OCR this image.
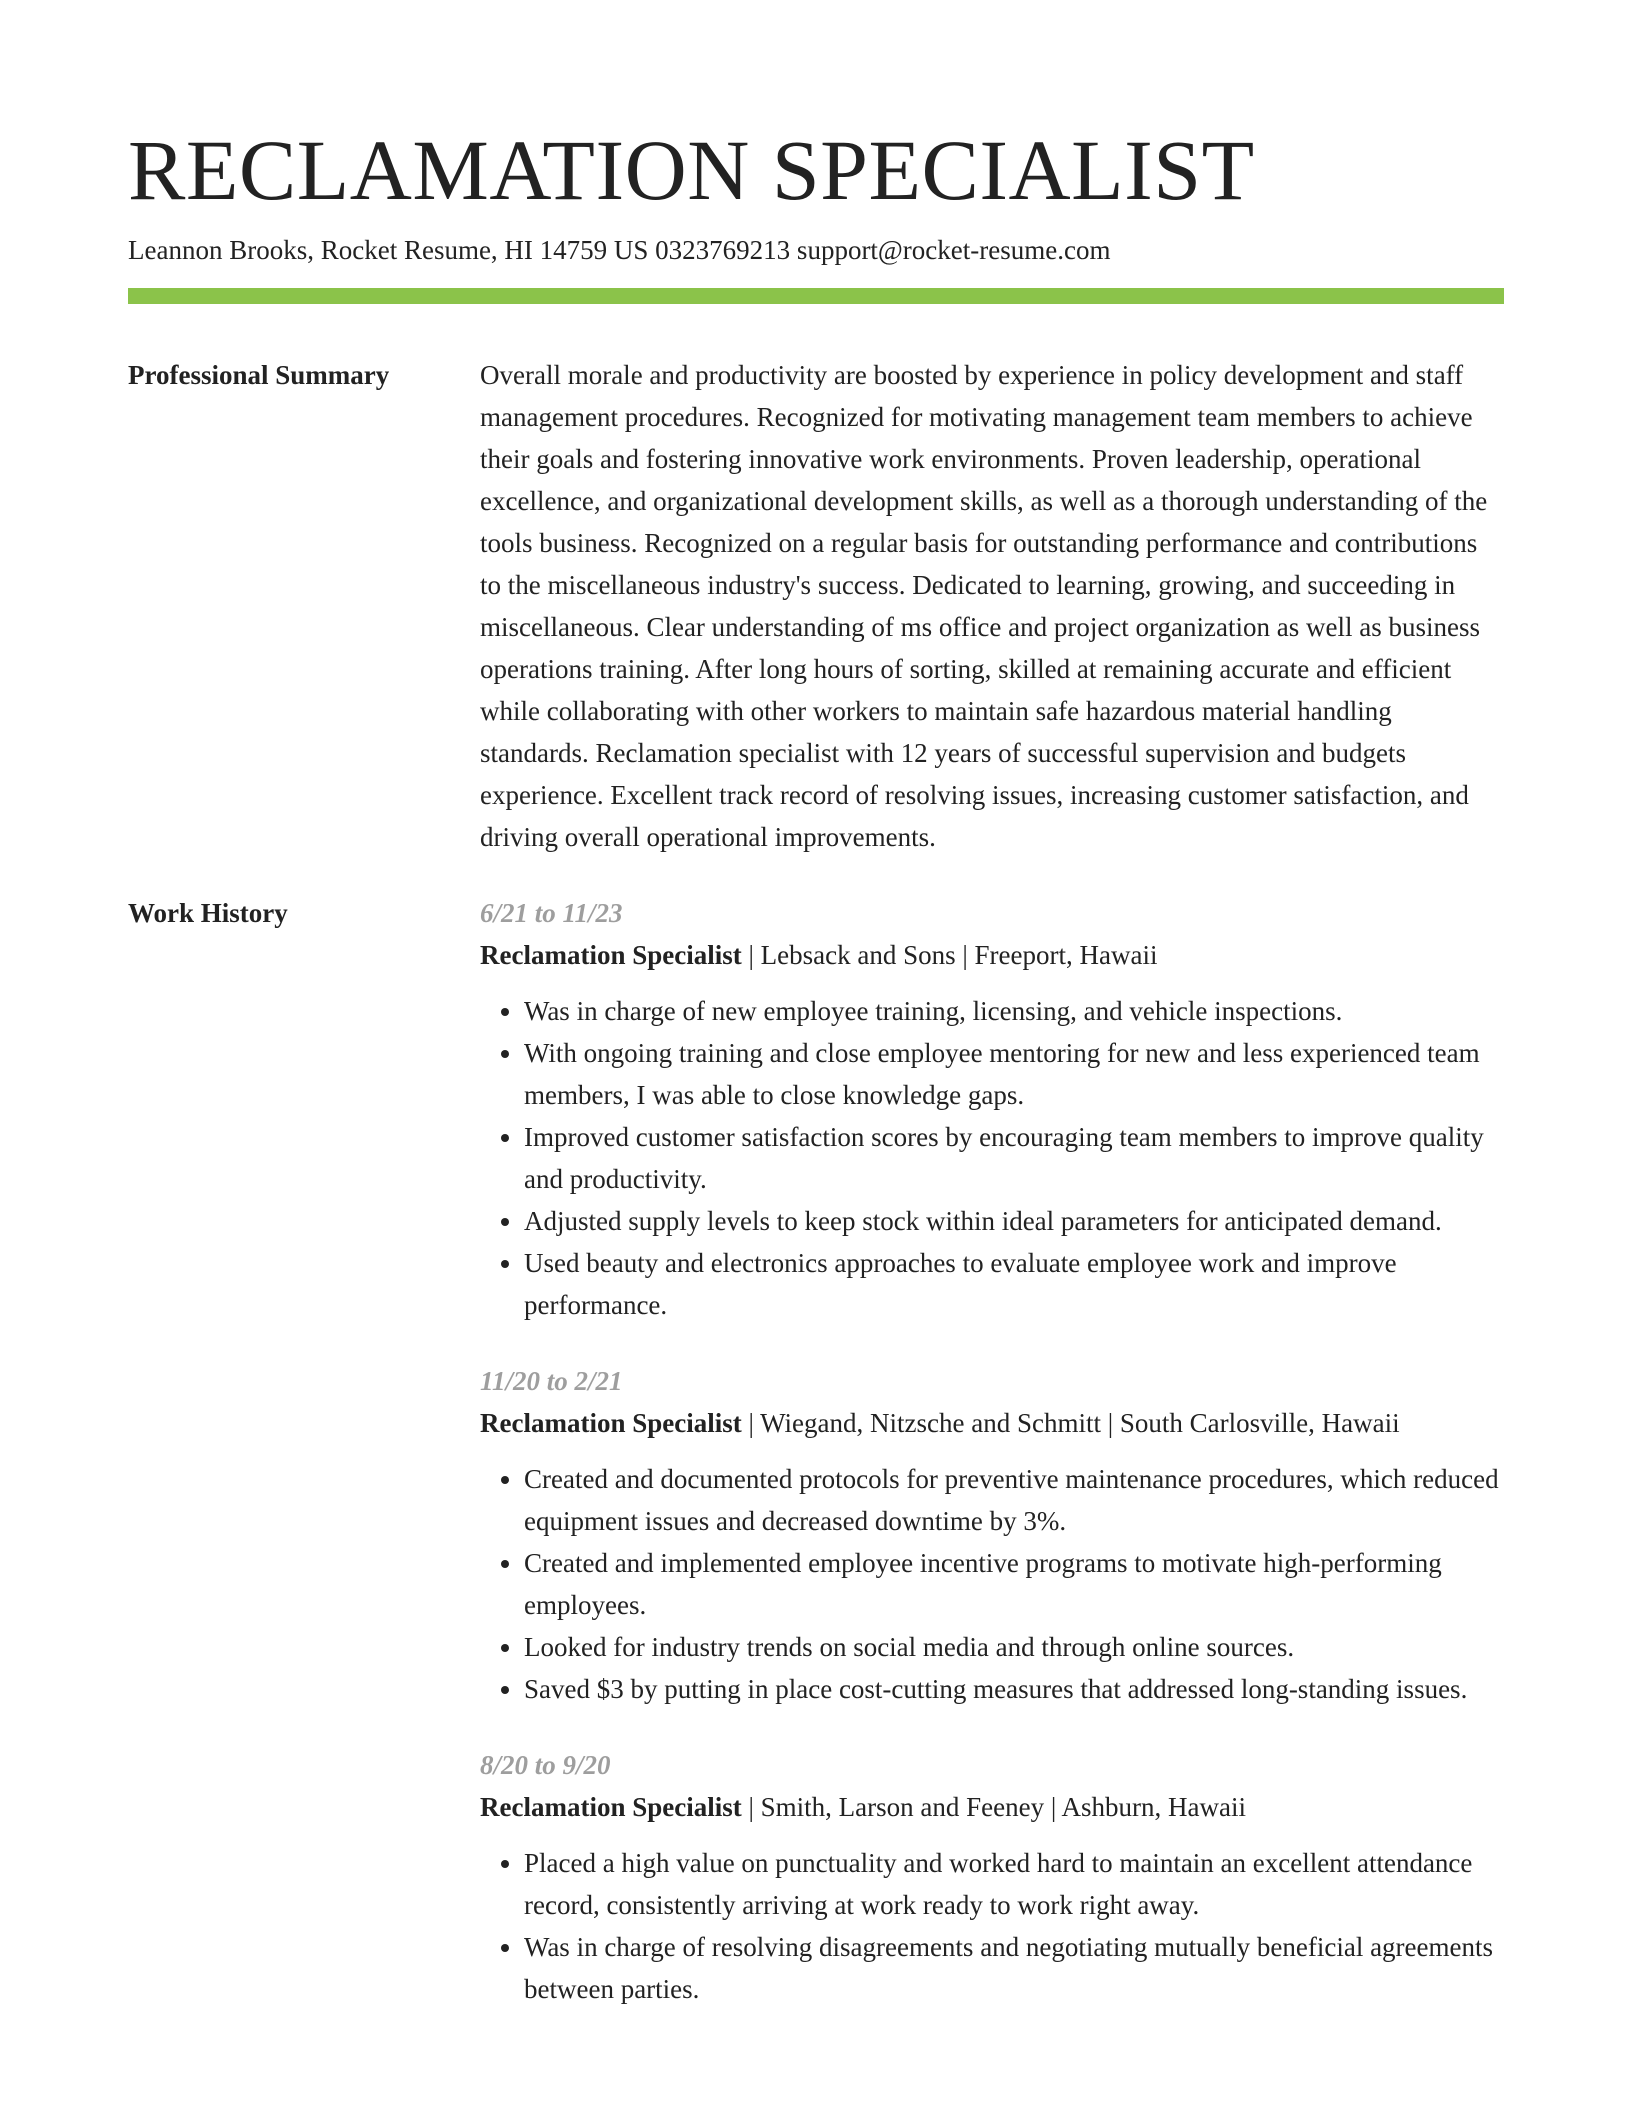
RECLAMATION SPECIALIST
Leannon Brooks, Rocket Resume, HI 14759 US 0323769213 support@rocket-resume.com
Professional Summary	Overall morale and productivity are boosted by experience in policy development and staff management procedures. Recognized for motivating management team members to achieve their goals and fostering innovative work environments. Proven leadership, operational excellence, and organizational development skills, as well as a thorough understanding of the tools business. Recognized on a regular basis for outstanding performance and contributions to the miscellaneous industry's success. Dedicated to learning, growing, and succeeding in miscellaneous. Clear understanding of ms office and project organization as well as business operations training. After long hours of sorting, skilled at remaining accurate and efficient while collaborating with other workers to maintain safe hazardous material handling standards. Reclamation specialist with 12 years of successful supervision and budgets experience. Excellent track record of resolving issues, increasing customer satisfaction, and driving overall operational improvements.

Work History	6/21 to 11/23
Reclamation Specialist | Lebsack and Sons | Freeport, Hawaii
• Was in charge of new employee training, licensing, and vehicle inspections.
• With ongoing training and close employee mentoring for new and less experienced team members, I was able to close knowledge gaps.
• Improved customer satisfaction scores by encouraging team members to improve quality and productivity.
• Adjusted supply levels to keep stock within ideal parameters for anticipated demand.
• Used beauty and electronics approaches to evaluate employee work and improve performance.
11/20 to 2/21
Reclamation Specialist | Wiegand, Nitzsche and Schmitt | South Carlosville, Hawaii
• Created and documented protocols for preventive maintenance procedures, which reduced equipment issues and decreased downtime by 3%.
• Created and implemented employee incentive programs to motivate high-performing employees.
• Looked for industry trends on social media and through online sources.
• Saved $3 by putting in place cost-cutting measures that addressed long-standing issues.
8/20 to 9/20
Reclamation Specialist | Smith, Larson and Feeney | Ashburn, Hawaii
• Placed a high value on punctuality and worked hard to maintain an excellent attendance record, consistently arriving at work ready to work right away.
• Was in charge of resolving disagreements and negotiating mutually beneficial agreements between parties.
